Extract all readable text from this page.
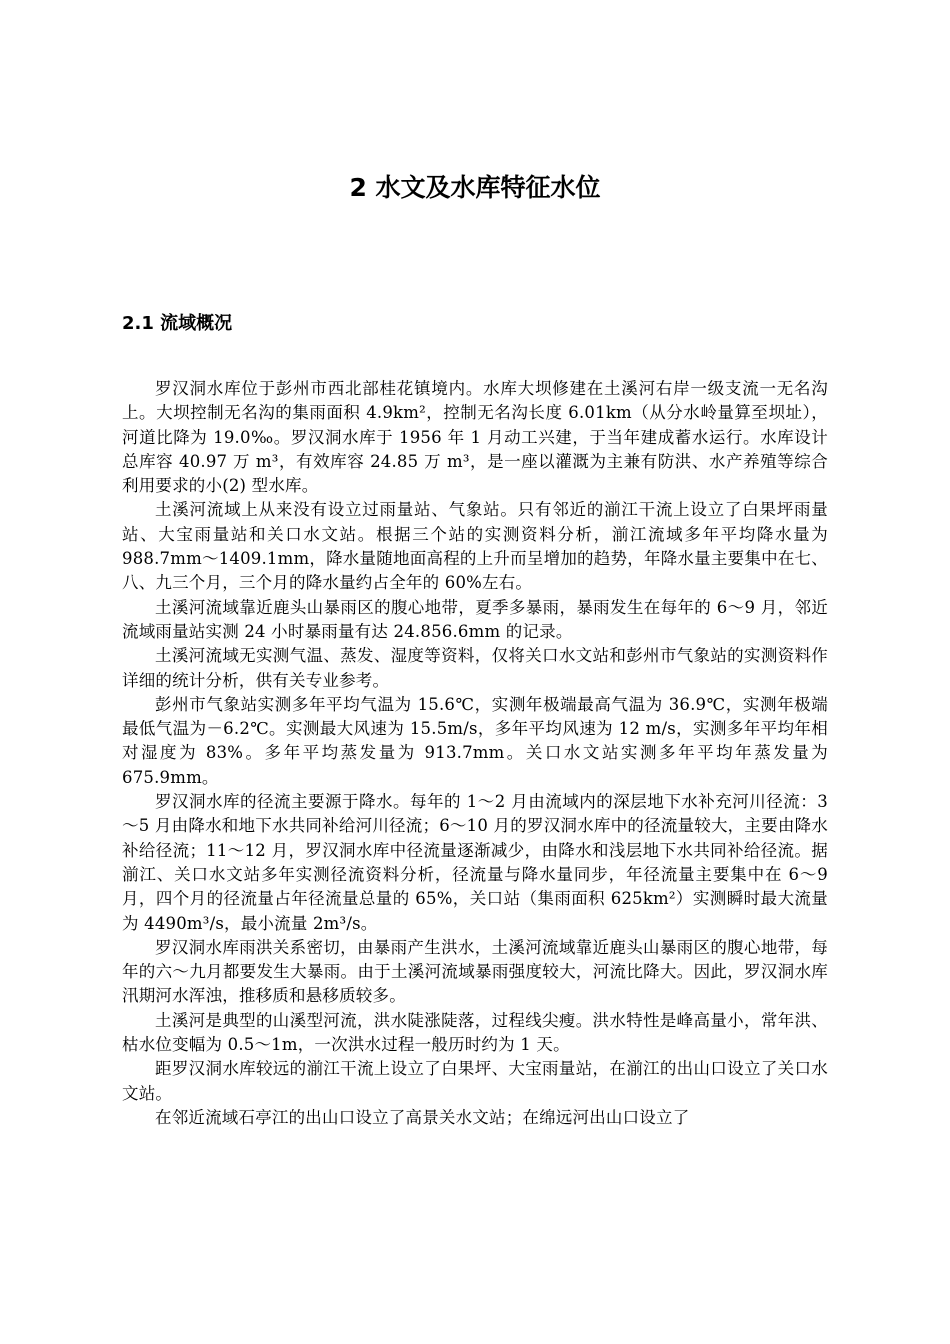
2 水文及水库特征水位
2.1 流域概况

罗汉洞水库位于彭州市西北部桂花镇境内。水库大坝修建在土溪河右岸一级支流一无名沟上。大坝控制无名沟的集雨面积 4.9km²，控制无名沟长度 6.01km（从分水岭量算至坝址），河道比降为 19.0‰。罗汉洞水库于 1956 年 1 月动工兴建，于当年建成蓄水运行。水库设计总库容 40.97 万 m³，有效库容 24.85 万 m³，是一座以灌溉为主兼有防洪、水产养殖等综合利用要求的小(2) 型水库。

土溪河流域上从来没有设立过雨量站、气象站。只有邻近的湔江干流上设立了白果坪雨量站、大宝雨量站和关口水文站。根据三个站的实测资料分析，湔江流域多年平均降水量为 988.7mm～1409.1mm，降水量随地面高程的上升而呈增加的趋势，年降水量主要集中在七、八、九三个月，三个月的降水量约占全年的 60%左右。

土溪河流域靠近鹿头山暴雨区的腹心地带，夏季多暴雨，暴雨发生在每年的 6～9 月，邻近流域雨量站实测 24 小时暴雨量有达 24.856.6mm 的记录。

土溪河流域无实测气温、蒸发、湿度等资料，仅将关口水文站和彭州市气象站的实测资料作详细的统计分析，供有关专业参考。

彭州市气象站实测多年平均气温为 15.6℃，实测年极端最高气温为 36.9℃，实测年极端最低气温为－6.2℃。实测最大风速为 15.5m/s，多年平均风速为 12 m/s，实测多年平均年相对湿度为 83%。多年平均蒸发量为 913.7mm。关口水文站实测多年平均年蒸发量为 675.9mm。

罗汉洞水库的径流主要源于降水。每年的 1～2 月由流域内的深层地下水补充河川径流：3～5 月由降水和地下水共同补给河川径流；6～10 月的罗汉洞水库中的径流量较大，主要由降水补给径流；11～12 月，罗汉洞水库中径流量逐渐减少，由降水和浅层地下水共同补给径流。据湔江、关口水文站多年实测径流资料分析，径流量与降水量同步，年径流量主要集中在 6～9 月，四个月的径流量占年径流量总量的 65%，关口站（集雨面积 625km²）实测瞬时最大流量为 4490m³/s，最小流量 2m³/s。

罗汉洞水库雨洪关系密切，由暴雨产生洪水，土溪河流域靠近鹿头山暴雨区的腹心地带，每年的六～九月都要发生大暴雨。由于土溪河流域暴雨强度较大，河流比降大。因此，罗汉洞水库汛期河水浑浊，推移质和悬移质较多。

土溪河是典型的山溪型河流，洪水陡涨陡落，过程线尖瘦。洪水特性是峰高量小，常年洪、枯水位变幅为 0.5～1m，一次洪水过程一般历时约为 1 天。

距罗汉洞水库较远的湔江干流上设立了白果坪、大宝雨量站，在湔江的出山口设立了关口水文站。

在邻近流域石亭江的出山口设立了高景关水文站；在绵远河出山口设立了
